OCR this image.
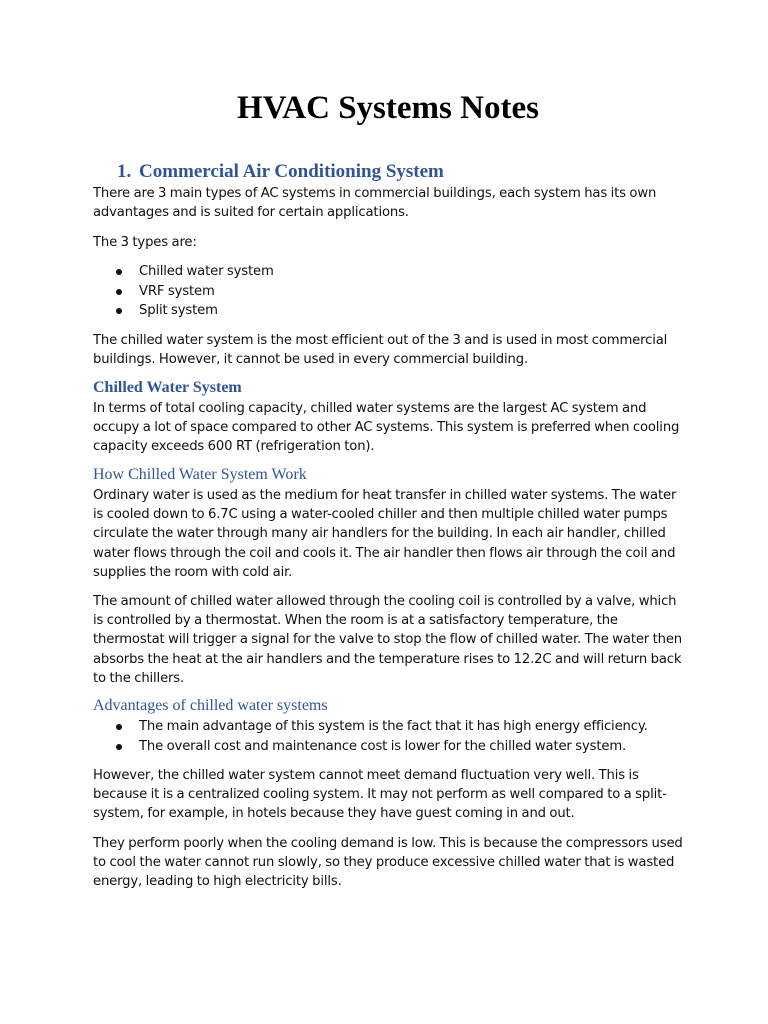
HVAC Systems Notes
1. Commercial Air Conditioning System

There are 3 main types of AC systems in commercial buildings, each system has its own advantages and is suited for certain applications.

The 3 types are:

Chilled water system
VRF system
Split system

The chilled water system is the most efficient out of the 3 and is used in most commercial buildings. However, it cannot be used in every commercial building.

Chilled Water System

In terms of total cooling capacity, chilled water systems are the largest AC system and occupy a lot of space compared to other AC systems. This system is preferred when cooling capacity exceeds 600 RT (refrigeration ton).

How Chilled Water System Work

Ordinary water is used as the medium for heat transfer in chilled water systems. The water is cooled down to 6.7C using a water-cooled chiller and then multiple chilled water pumps circulate the water through many air handlers for the building. In each air handler, chilled water flows through the coil and cools it. The air handler then flows air through the coil and supplies the room with cold air.

The amount of chilled water allowed through the cooling coil is controlled by a valve, which is controlled by a thermostat. When the room is at a satisfactory temperature, the thermostat will trigger a signal for the valve to stop the flow of chilled water. The water then absorbs the heat at the air handlers and the temperature rises to 12.2C and will return back to the chillers.

Advantages of chilled water systems
The main advantage of this system is the fact that it has high energy efficiency.
The overall cost and maintenance cost is lower for the chilled water system.

However, the chilled water system cannot meet demand fluctuation very well. This is because it is a centralized cooling system. It may not perform as well compared to a split-system, for example, in hotels because they have guest coming in and out.

They perform poorly when the cooling demand is low. This is because the compressors used to cool the water cannot run slowly, so they produce excessive chilled water that is wasted energy, leading to high electricity bills.
